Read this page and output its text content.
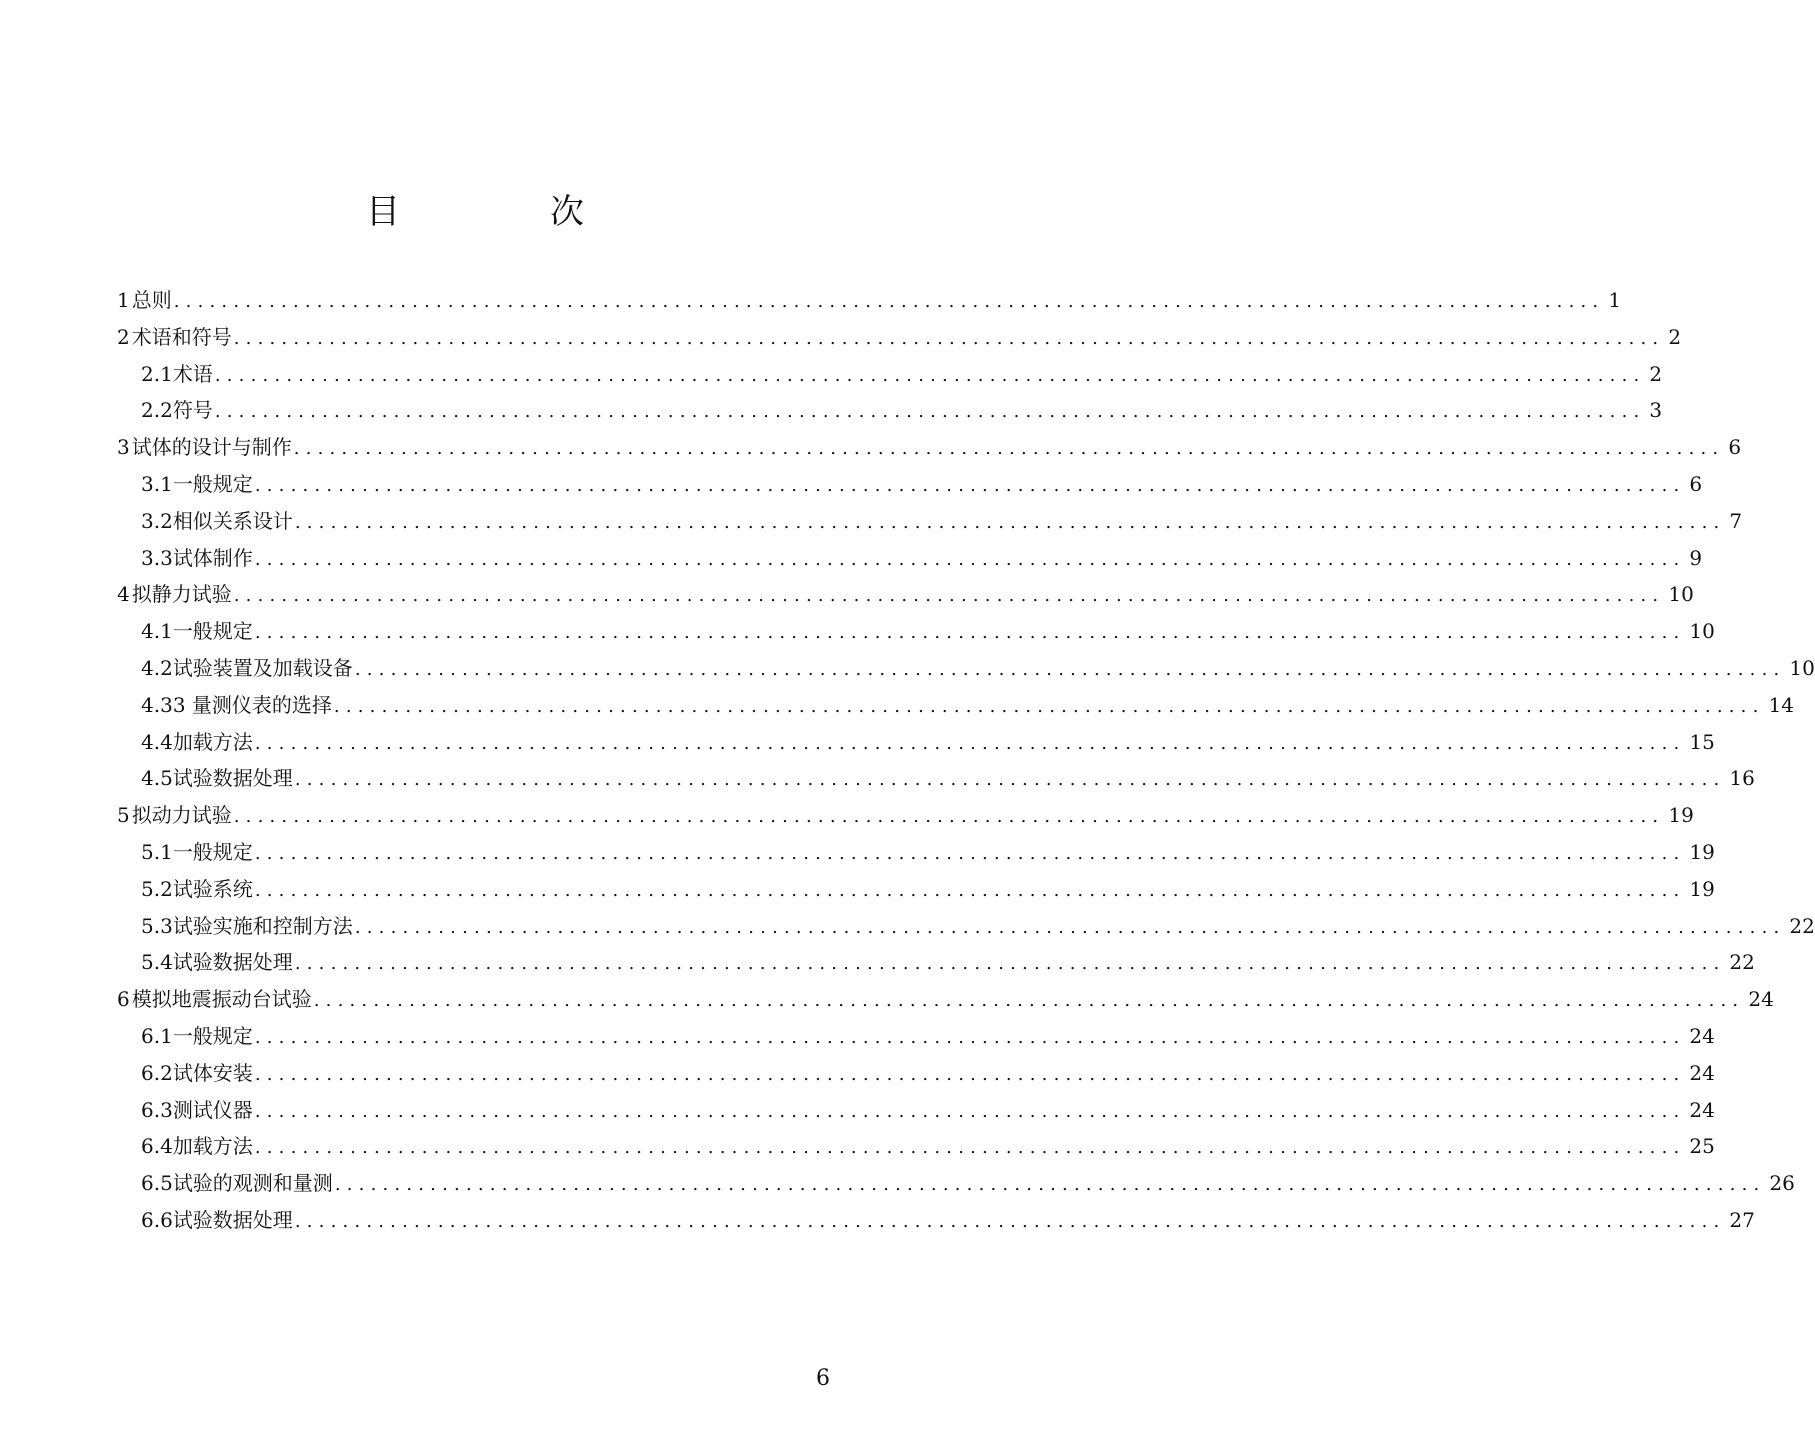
目　次
1 总则 ........................................................................................................................ 1
2 术语和符号 ........................................................................................................................ 2
2.1 术语 ........................................................................................................................ 2
2.2 符号 ........................................................................................................................ 3
3 试体的设计与制作 ........................................................................................................................ 6
3.1 一般规定 ........................................................................................................................ 6
3.2 相似关系设计 ........................................................................................................................ 7
3.3 试体制作 ........................................................................................................................ 9
4 拟静力试验 ........................................................................................................................ 10
4.1 一般规定 ........................................................................................................................ 10
4.2 试验装置及加载设备 ........................................................................................................................ 10
4.3 3 量测仪表的选择 ........................................................................................................................ 14
4.4 加载方法 ........................................................................................................................ 15
4.5 试验数据处理 ........................................................................................................................ 16
5 拟动力试验 ........................................................................................................................ 19
5.1 一般规定 ........................................................................................................................ 19
5.2 试验系统 ........................................................................................................................ 19
5.3 试验实施和控制方法 ........................................................................................................................ 22
5.4 试验数据处理 ........................................................................................................................ 22
6 模拟地震振动台试验 ........................................................................................................................ 24
6.1 一般规定 ........................................................................................................................ 24
6.2 试体安装 ........................................................................................................................ 24
6.3 测试仪器 ........................................................................................................................ 24
6.4 加载方法 ........................................................................................................................ 25
6.5 试验的观测和量测 ........................................................................................................................ 26
6.6 试验数据处理 ........................................................................................................................ 27
6
